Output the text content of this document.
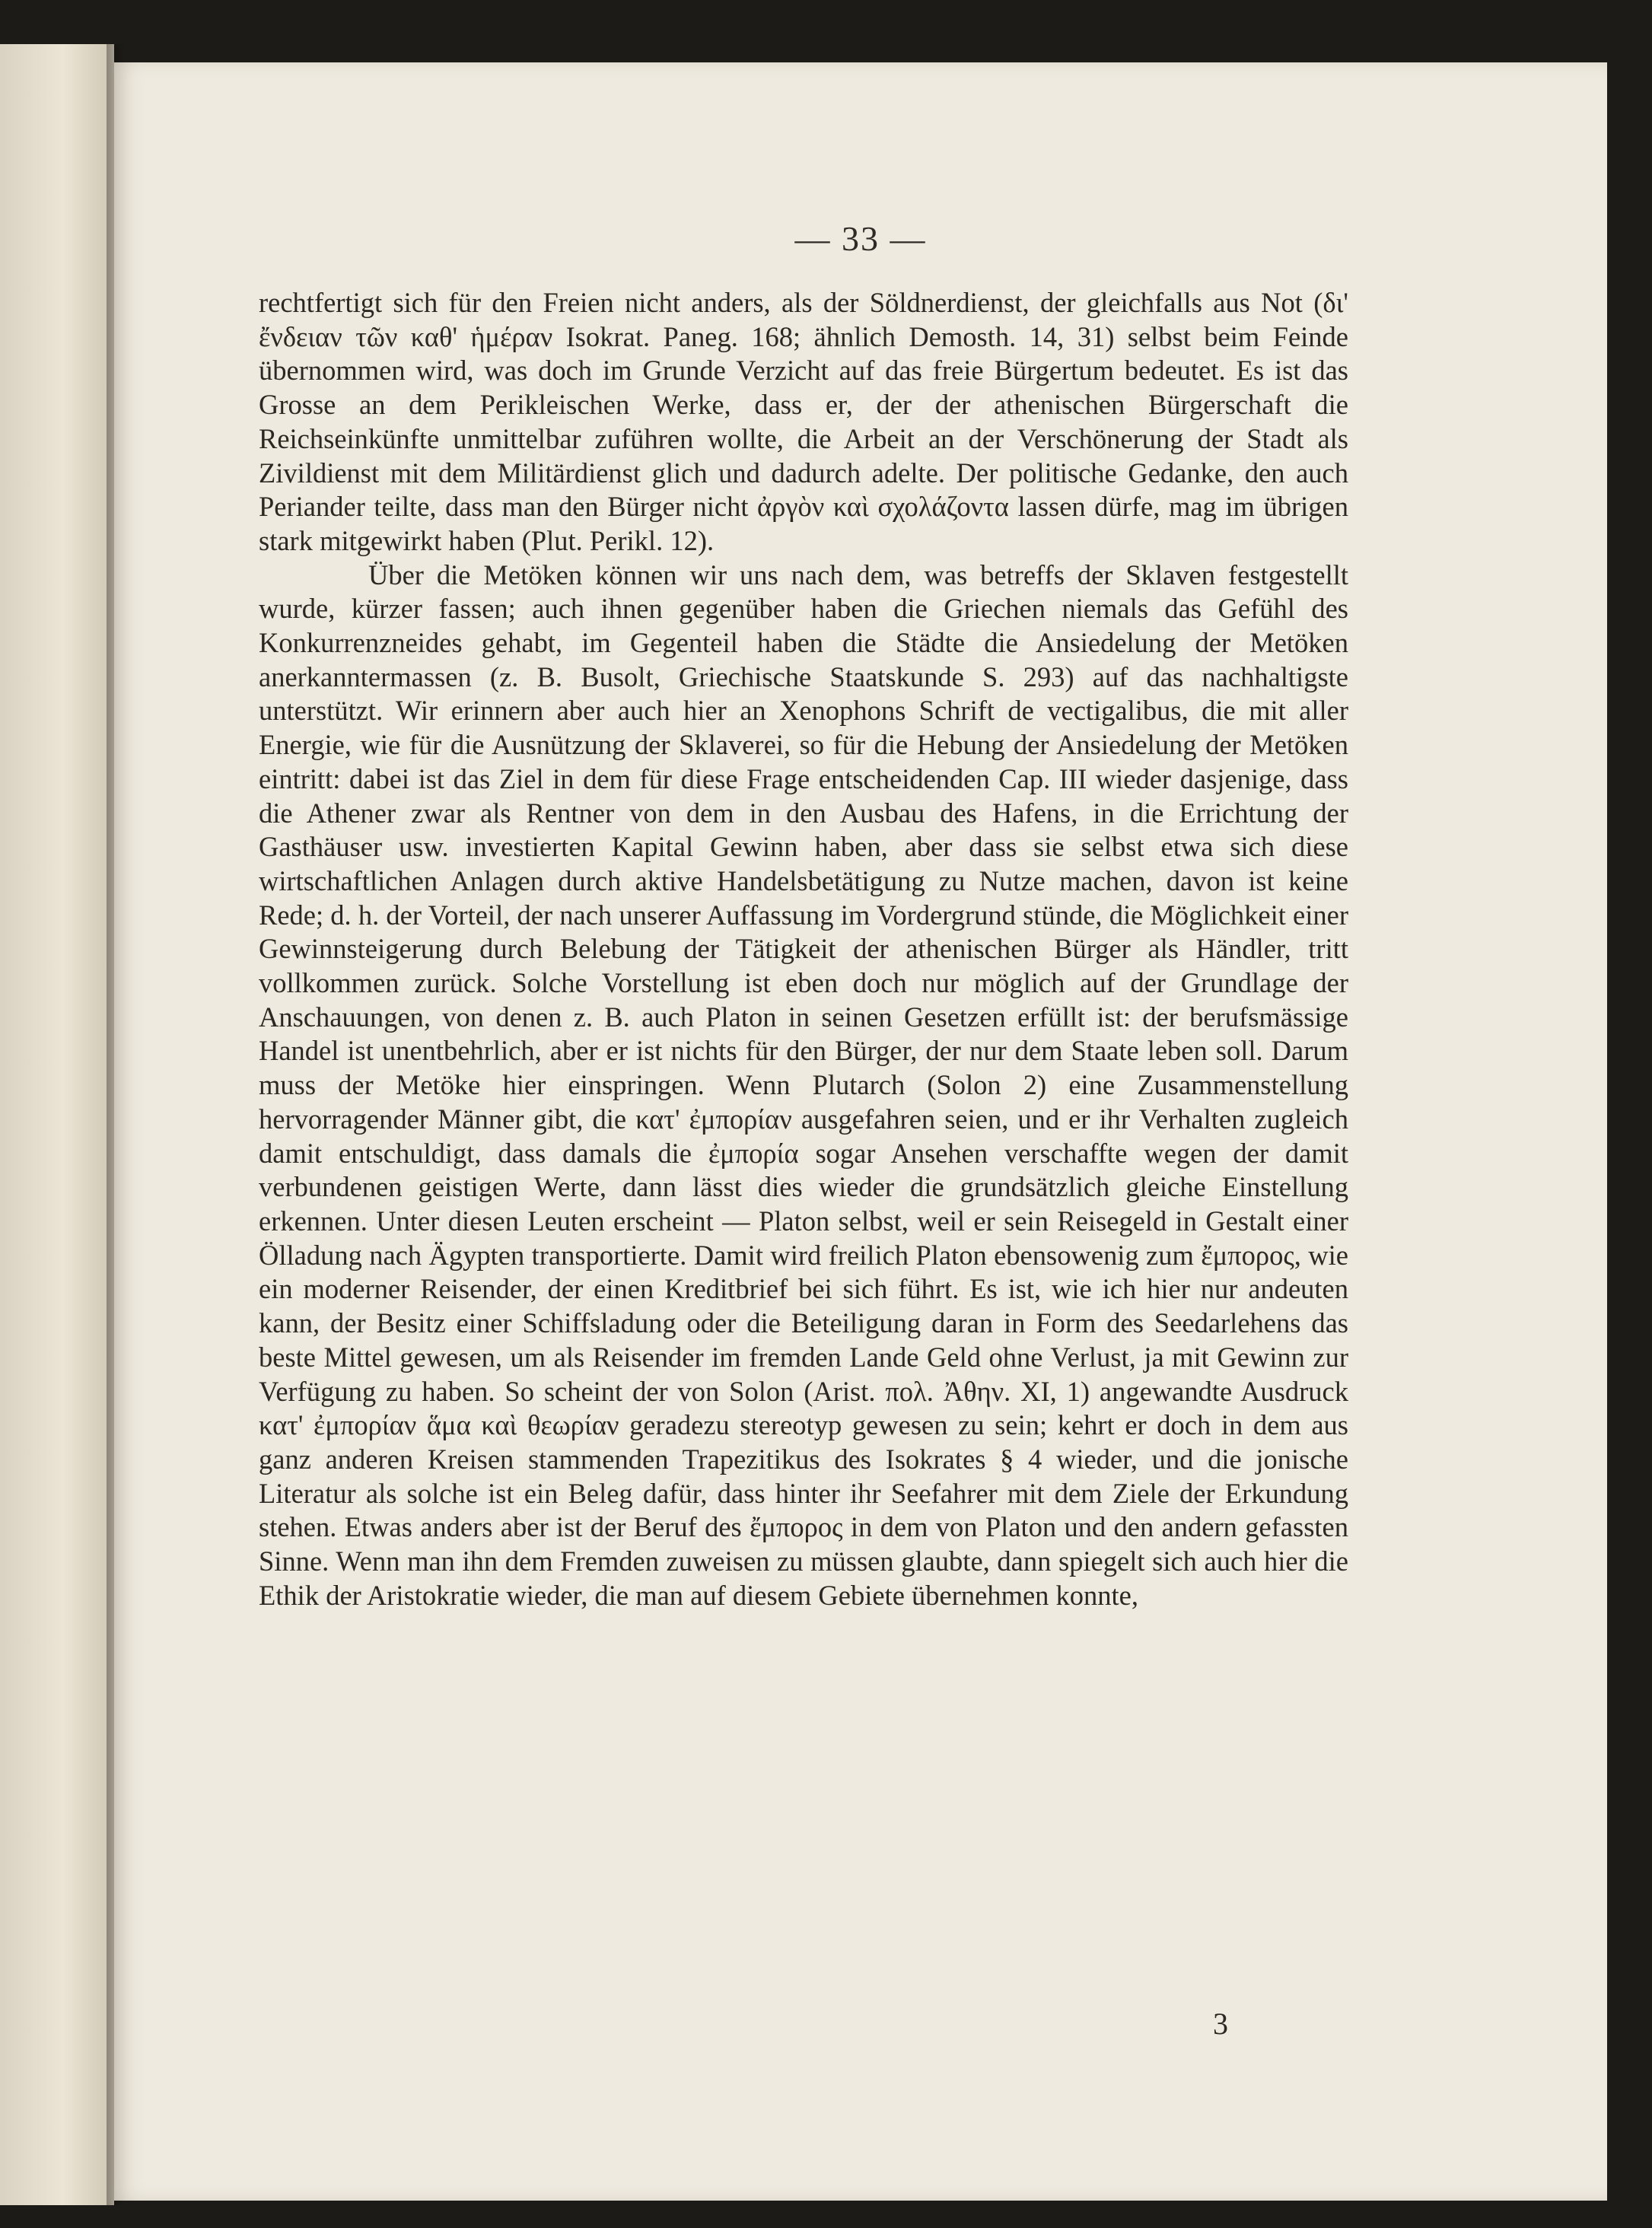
— 33 —

rechtfertigt sich für den Freien nicht anders, als der Söldnerdienst, der gleichfalls aus Not (δι' ἔνδειαν τῶν καθ' ἡμέραν Isokrat. Paneg. 168; ähnlich Demosth. 14, 31) selbst beim Feinde übernommen wird, was doch im Grunde Verzicht auf das freie Bürgertum bedeutet. Es ist das Grosse an dem Perikleischen Werke, dass er, der der athenischen Bürgerschaft die Reichseinkünfte unmittelbar zuführen wollte, die Arbeit an der Verschönerung der Stadt als Zivildienst mit dem Militärdienst glich und dadurch adelte. Der politische Gedanke, den auch Periander teilte, dass man den Bürger nicht ἀργὸν καὶ σχολάζοντα lassen dürfe, mag im übrigen stark mitgewirkt haben (Plut. Perikl. 12).

Über die Metöken können wir uns nach dem, was betreffs der Sklaven festgestellt wurde, kürzer fassen; auch ihnen gegenüber haben die Griechen niemals das Gefühl des Konkurrenzneides gehabt, im Gegenteil haben die Städte die Ansiedelung der Metöken anerkanntermassen (z. B. Busolt, Griechische Staatskunde S. 293) auf das nachhaltigste unterstützt. Wir erinnern aber auch hier an Xenophons Schrift de vectigalibus, die mit aller Energie, wie für die Ausnützung der Sklaverei, so für die Hebung der Ansiedelung der Metöken eintritt: dabei ist das Ziel in dem für diese Frage entscheidenden Cap. III wieder dasjenige, dass die Athener zwar als Rentner von dem in den Ausbau des Hafens, in die Errichtung der Gasthäuser usw. investierten Kapital Gewinn haben, aber dass sie selbst etwa sich diese wirtschaftlichen Anlagen durch aktive Handelsbetätigung zu Nutze machen, davon ist keine Rede; d. h. der Vorteil, der nach unserer Auffassung im Vordergrund stünde, die Möglichkeit einer Gewinnsteigerung durch Belebung der Tätigkeit der athenischen Bürger als Händler, tritt vollkommen zurück. Solche Vorstellung ist eben doch nur möglich auf der Grundlage der Anschauungen, von denen z. B. auch Platon in seinen Gesetzen erfüllt ist: der berufsmässige Handel ist unentbehrlich, aber er ist nichts für den Bürger, der nur dem Staate leben soll. Darum muss der Metöke hier einspringen. Wenn Plutarch (Solon 2) eine Zusammenstellung hervorragender Männer gibt, die κατ' ἐμπορίαν ausgefahren seien, und er ihr Verhalten zugleich damit entschuldigt, dass damals die ἐμπορία sogar Ansehen verschaffte wegen der damit verbundenen geistigen Werte, dann lässt dies wieder die grundsätzlich gleiche Einstellung erkennen. Unter diesen Leuten erscheint — Platon selbst, weil er sein Reisegeld in Gestalt einer Ölladung nach Ägypten transportierte. Damit wird freilich Platon ebensowenig zum ἔμπορος, wie ein moderner Reisender, der einen Kreditbrief bei sich führt. Es ist, wie ich hier nur andeuten kann, der Besitz einer Schiffsladung oder die Beteiligung daran in Form des Seedarlehens das beste Mittel gewesen, um als Reisender im fremden Lande Geld ohne Verlust, ja mit Gewinn zur Verfügung zu haben. So scheint der von Solon (Arist. πολ. Ἀθην. XI, 1) angewandte Ausdruck κατ' ἐμπορίαν ἅμα καὶ θεωρίαν geradezu stereotyp gewesen zu sein; kehrt er doch in dem aus ganz anderen Kreisen stammenden Trapezitikus des Isokrates § 4 wieder, und die jonische Literatur als solche ist ein Beleg dafür, dass hinter ihr Seefahrer mit dem Ziele der Erkundung stehen. Etwas anders aber ist der Beruf des ἔμπορος in dem von Platon und den andern gefassten Sinne. Wenn man ihn dem Fremden zuweisen zu müssen glaubte, dann spiegelt sich auch hier die Ethik der Aristokratie wieder, die man auf diesem Gebiete übernehmen konnte,

3
